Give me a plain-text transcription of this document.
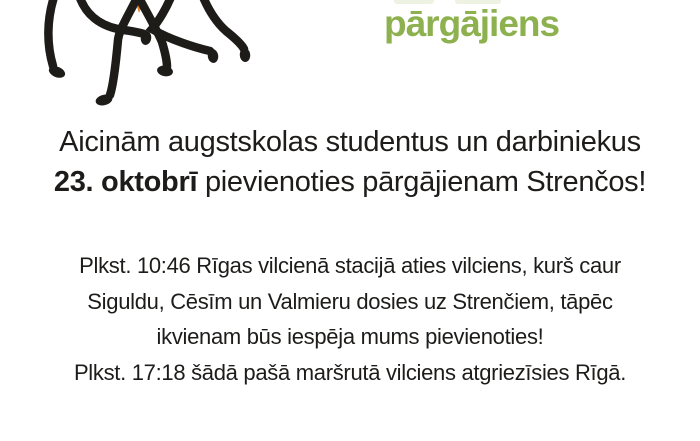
pārgājiens
Aicinām augstskolas studentus un darbiniekus
23. oktobrī pievienoties pārgājienam Strenčos!
Plkst. 10:46 Rīgas vilcienā stacijā aties vilciens, kurš caur
Siguldu, Cēsīm un Valmieru dosies uz Strenčiem, tāpēc
ikvienam būs iespēja mums pievienoties!
Plkst. 17:18 šādā pašā maršrutā vilciens atgriezīsies Rīgā.
